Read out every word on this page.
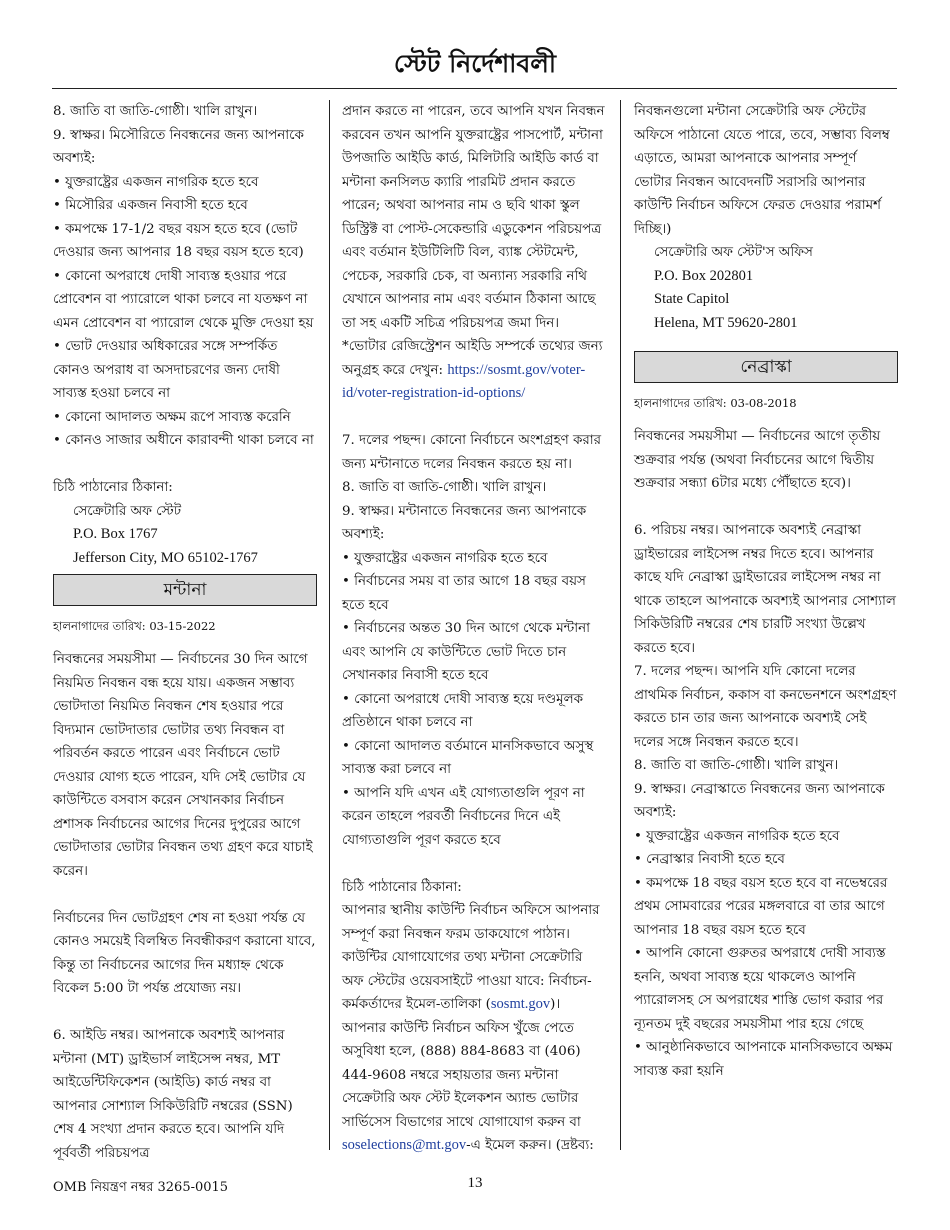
স্টেট নির্দেশাবলী

8. জাতি বা জাতি-গোষ্ঠী। খালি রাখুন।

9. স্বাক্ষর। মিসৌরিতে নিবন্ধনের জন্য আপনাকে অবশ্যই:

• যুক্তরাষ্ট্রের একজন নাগরিক হতে হবে

• মিসৌরির একজন নিবাসী হতে হবে

• কমপক্ষে 17-1/2 বছর বয়স হতে হবে (ভোট দেওয়ার জন্য আপনার 18 বছর বয়স হতে হবে)

• কোনো অপরাধে দোষী সাব্যস্ত হওয়ার পরে প্রোবেশন বা প্যারোলে থাকা চলবে না যতক্ষণ না এমন প্রোবেশন বা প্যারোল থেকে মুক্তি দেওয়া হয়

• ভোট দেওয়ার অধিকারের সঙ্গে সম্পর্কিত কোনও অপরাধ বা অসদাচরণের জন্য দোষী সাব্যস্ত হওয়া চলবে না

• কোনো আদালত অক্ষম রূপে সাব্যস্ত করেনি

• কোনও সাজার অধীনে কারাবন্দী থাকা চলবে না

চিঠি পাঠানোর ঠিকানা:

সেক্রেটারি অফ স্টেট

P.O. Box 1767

Jefferson City, MO 65102-1767

মন্টানা

হালনাগাদের তারিখ: 03-15-2022

নিবন্ধনের সময়সীমা — নির্বাচনের 30 দিন আগে নিয়মিত নিবন্ধন বন্ধ হয়ে যায়। একজন সম্ভাব্য ভোটদাতা নিয়মিত নিবন্ধন শেষ হওয়ার পরে বিদ্যমান ভোটদাতার ভোটার তথ্য নিবন্ধন বা পরিবর্তন করতে পারেন এবং নির্বাচনে ভোট দেওয়ার যোগ্য হতে পারেন, যদি সেই ভোটার যে কাউন্টিতে বসবাস করেন সেখানকার নির্বাচন প্রশাসক নির্বাচনের আগের দিনের দুপুরের আগে ভোটদাতার ভোটার নিবন্ধন তথ্য গ্রহণ করে যাচাই করেন।

নির্বাচনের দিন ভোটগ্রহণ শেষ না হওয়া পর্যন্ত যে কোনও সময়েই বিলম্বিত নিবন্ধীকরণ করানো যাবে, কিন্তু তা নির্বাচনের আগের দিন মধ্যাহ্ন থেকে বিকেল 5:00 টা পর্যন্ত প্রযোজ্য নয়।

6. আইডি নম্বর। আপনাকে অবশ্যই আপনার মন্টানা (MT) ড্রাইভার্স লাইসেন্স নম্বর, MT আইডেন্টিফিকেশন (আইডি) কার্ড নম্বর বা আপনার সোশ্যাল সিকিউরিটি নম্বরের (SSN) শেষ 4 সংখ্যা প্রদান করতে হবে। আপনি যদি পূর্ববর্তী পরিচয়পত্র

প্রদান করতে না পারেন, তবে আপনি যখন নিবন্ধন করবেন তখন আপনি যুক্তরাষ্ট্রের পাসপোর্ট, মন্টানা উপজাতি আইডি কার্ড, মিলিটারি আইডি কার্ড বা মন্টানা কনসিলড ক্যারি পারমিট প্রদান করতে পারেন; অথবা আপনার নাম ও ছবি থাকা স্কুল ডিস্ট্রিক্ট বা পোস্ট-সেকেন্ডারি এডুকেশন পরিচয়পত্র এবং বর্তমান ইউটিলিটি বিল, ব্যাঙ্ক স্টেটমেন্ট, পেচেক, সরকারি চেক, বা অন্যান্য সরকারি নথি যেখানে আপনার নাম এবং বর্তমান ঠিকানা আছে তা সহ একটি সচিত্র পরিচয়পত্র জমা দিন। *ভোটার রেজিস্ট্রেশন আইডি সম্পর্কে তথ্যের জন্য অনুগ্রহ করে দেখুন: https://sosmt.gov/voter-id/voter-registration-id-options/

7. দলের পছন্দ। কোনো নির্বাচনে অংশগ্রহণ করার জন্য মন্টানাতে দলের নিবন্ধন করতে হয় না।

8. জাতি বা জাতি-গোষ্ঠী। খালি রাখুন।

9. স্বাক্ষর। মন্টানাতে নিবন্ধনের জন্য আপনাকে অবশ্যই:

• যুক্তরাষ্ট্রের একজন নাগরিক হতে হবে

• নির্বাচনের সময় বা তার আগে 18 বছর বয়স হতে হবে

• নির্বাচনের অন্তত 30 দিন আগে থেকে মন্টানা এবং আপনি যে কাউন্টিতে ভোট দিতে চান সেখানকার নিবাসী হতে হবে

• কোনো অপরাধে দোষী সাব্যস্ত হয়ে দণ্ডমূলক প্রতিষ্ঠানে থাকা চলবে না

• কোনো আদালত বর্তমানে মানসিকভাবে অসুস্থ সাব্যস্ত করা চলবে না

• আপনি যদি এখন এই যোগ্যতাগুলি পূরণ না করেন তাহলে পরবর্তী নির্বাচনের দিনে এই যোগ্যতাগুলি পূরণ করতে হবে

চিঠি পাঠানোর ঠিকানা:

আপনার স্থানীয় কাউন্টি নির্বাচন অফিসে আপনার সম্পূর্ণ করা নিবন্ধন ফরম ডাকযোগে পাঠান। কাউন্টির যোগাযোগের তথ্য মন্টানা সেক্রেটারি অফ স্টেটের ওয়েবসাইটে পাওয়া যাবে: নির্বাচন-কর্মকর্তাদের ইমেল-তালিকা (sosmt.gov)। আপনার কাউন্টি নির্বাচন অফিস খুঁজে পেতে অসুবিধা হলে, (888) 884-8683 বা (406) 444-9608 নম্বরে সহায়তার জন্য মন্টানা সেক্রেটারি অফ স্টেট ইলেকশন অ্যান্ড ভোটার সার্ভিসেস বিভাগের সাথে যোগাযোগ করুন বা soselections@mt.gov-এ ইমেল করুন। (দ্রষ্টব্য:

নিবন্ধনগুলো মন্টানা সেক্রেটারি অফ স্টেটের অফিসে পাঠানো যেতে পারে, তবে, সম্ভাব্য বিলম্ব এড়াতে, আমরা আপনাকে আপনার সম্পূর্ণ ভোটার নিবন্ধন আবেদনটি সরাসরি আপনার কাউন্টি নির্বাচন অফিসে ফেরত দেওয়ার পরামর্শ দিচ্ছি।)

সেক্রেটারি অফ স্টেট'স অফিস

P.O. Box 202801

State Capitol

Helena, MT 59620-2801

নেব্রাস্কা

হালনাগাদের তারিখ: 03-08-2018

নিবন্ধনের সময়সীমা — নির্বাচনের আগে তৃতীয় শুক্রবার পর্যন্ত (অথবা নির্বাচনের আগে দ্বিতীয় শুক্রবার সন্ধ্যা 6টার মধ্যে পৌঁছাতে হবে)।

6. পরিচয় নম্বর। আপনাকে অবশ্যই নেব্রাস্কা ড্রাইভারের লাইসেন্স নম্বর দিতে হবে। আপনার কাছে যদি নেব্রাস্কা ড্রাইভারের লাইসেন্স নম্বর না থাকে তাহলে আপনাকে অবশ্যই আপনার সোশ্যাল সিকিউরিটি নম্বরের শেষ চারটি সংখ্যা উল্লেখ করতে হবে।

7. দলের পছন্দ। আপনি যদি কোনো দলের প্রাথমিক নির্বাচন, ককাস বা কনভেনশনে অংশগ্রহণ করতে চান তার জন্য আপনাকে অবশ্যই সেই দলের সঙ্গে নিবন্ধন করতে হবে।

8. জাতি বা জাতি-গোষ্ঠী। খালি রাখুন।

9. স্বাক্ষর। নেব্রাস্কাতে নিবন্ধনের জন্য আপনাকে অবশ্যই:

• যুক্তরাষ্ট্রের একজন নাগরিক হতে হবে

• নেব্রাস্কার নিবাসী হতে হবে

• কমপক্ষে 18 বছর বয়স হতে হবে বা নভেম্বরের প্রথম সোমবারের পরের মঙ্গলবারে বা তার আগে আপনার 18 বছর বয়স হতে হবে

• আপনি কোনো গুরুতর অপরাধে দোষী সাব্যস্ত হননি, অথবা সাব্যস্ত হয়ে থাকলেও আপনি প্যারোলসহ সে অপরাধের শাস্তি ভোগ করার পর ন্যূনতম দুই বছরের সময়সীমা পার হয়ে গেছে

• আনুষ্ঠানিকভাবে আপনাকে মানসিকভাবে অক্ষম সাব্যস্ত করা হয়নি

OMB নিয়ন্ত্রণ নম্বর 3265-0015	13
